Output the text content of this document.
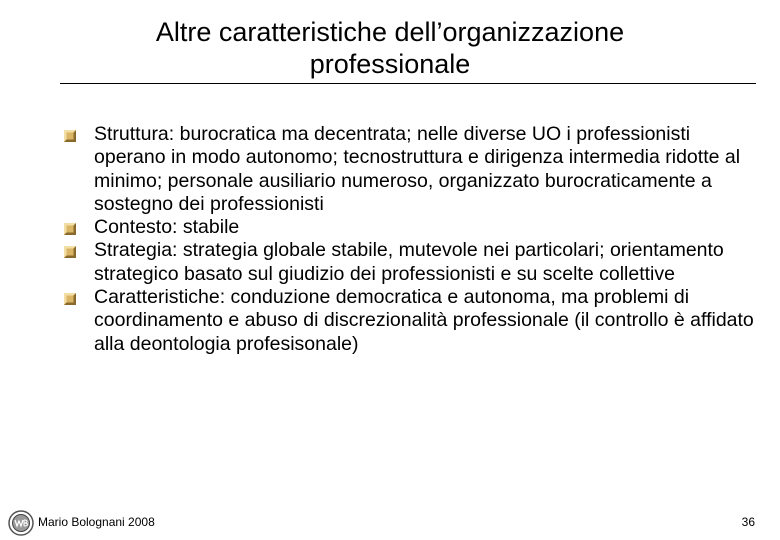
Altre caratteristiche dell’organizzazione
professionale
Struttura: burocratica ma decentrata; nelle diverse UO i professionisti operano in modo autonomo; tecnostruttura e dirigenza intermedia ridotte al minimo; personale ausiliario numeroso, organizzato burocraticamente a sostegno dei professionisti
Contesto: stabile
Strategia: strategia globale stabile, mutevole nei particolari; orientamento strategico basato sul giudizio dei professionisti e su scelte collettive
Caratteristiche: conduzione democratica e autonoma, ma problemi di coordinamento e abuso di discrezionalità professionale (il controllo è affidato alla deontologia profesisonale)
Mario Bolognani 2008	36
